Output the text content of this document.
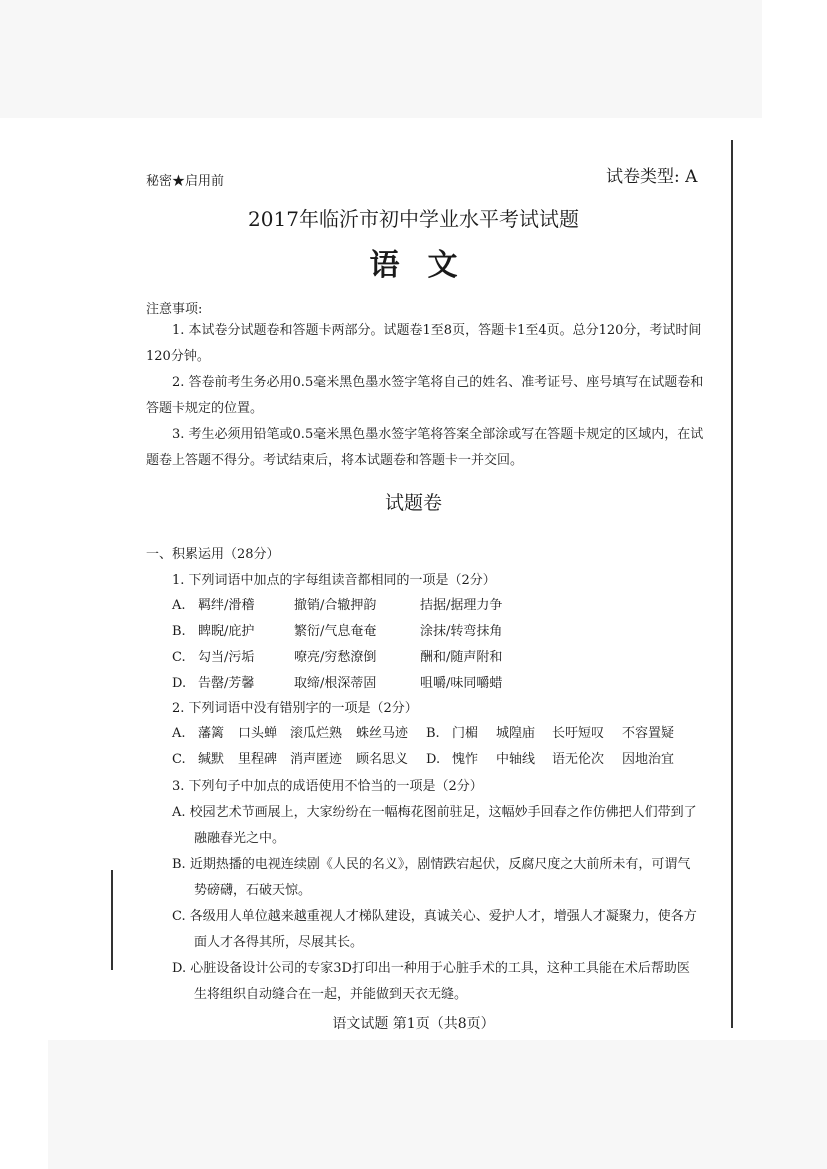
秘密★启用前	试卷类型: A
2017年临沂市初中学业水平考试试题
语文
注意事项:
1. 本试卷分试题卷和答题卡两部分。试题卷1至8页，答题卡1至4页。总分120分，考试时间120分钟。
2. 答卷前考生务必用0.5毫米黑色墨水签字笔将自己的姓名、准考证号、座号填写在试题卷和答题卡规定的位置。
3. 考生必须用铅笔或0.5毫米黑色墨水签字笔将答案全部涂或写在答题卡规定的区域内，在试题卷上答题不得分。考试结束后，将本试题卷和答题卡一并交回。
试题卷
一、积累运用（28分）
1. 下列词语中加点的字每组读音都相同的一项是（2分）
A. 羁绊/滑稽	撤销/合辙押韵	拮据/据理力争
B. 睥睨/庇护	繁衍/气息奄奄	涂抹/转弯抹角
C. 勾当/污垢	嘹亮/穷愁潦倒	酬和/随声附和
D. 告罄/芳馨	取缔/根深蒂固	咀嚼/味同嚼蜡
2. 下列词语中没有错别字的一项是（2分）
A. 藩篱 口头蝉 滚瓜烂熟 蛛丝马迹 B. 门楣 城隍庙 长吁短叹 不容置疑
C. 缄默 里程碑 消声匿迹 顾名思义 D. 愧怍 中轴线 语无伦次 因地治宜
3. 下列句子中加点的成语使用不恰当的一项是（2分）
A. 校园艺术节画展上，大家纷纷在一幅梅花图前驻足，这幅妙手回春之作仿佛把人们带到了融融春光之中。
B. 近期热播的电视连续剧《人民的名义》，剧情跌宕起伏，反腐尺度之大前所未有，可谓气势磅礴，石破天惊。
C. 各级用人单位越来越重视人才梯队建设，真诚关心、爱护人才，增强人才凝聚力，使各方面人才各得其所，尽展其长。
D. 心脏设备设计公司的专家3D打印出一种用于心脏手术的工具，这种工具能在术后帮助医生将组织自动缝合在一起，并能做到天衣无缝。
语文试题 第1页（共8页）
